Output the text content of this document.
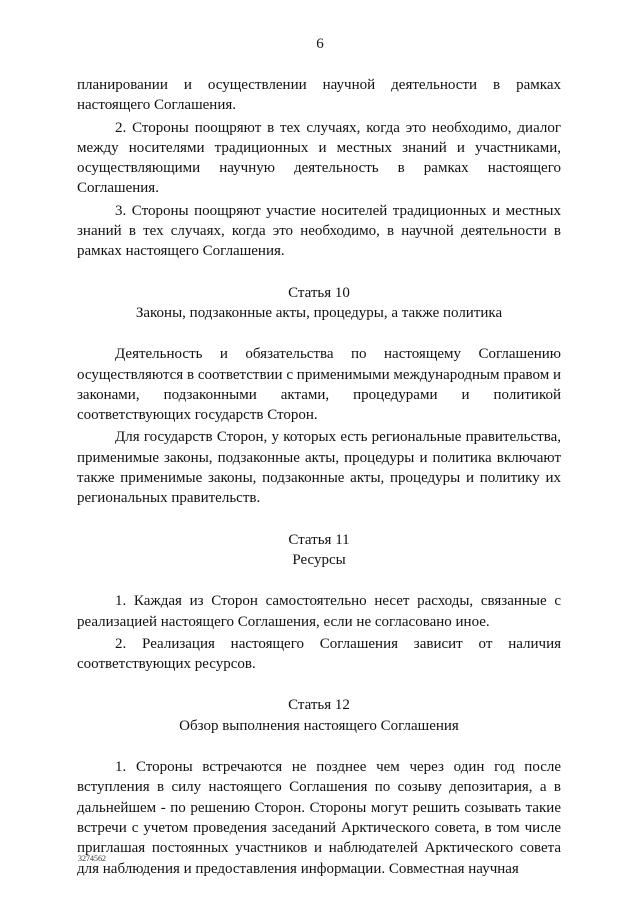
6

планировании и осуществлении научной деятельности в рамках настоящего Соглашения.

2. Стороны поощряют в тех случаях, когда это необходимо, диалог между носителями традиционных и местных знаний и участниками, осуществляющими научную деятельность в рамках настоящего Соглашения.

3. Стороны поощряют участие носителей традиционных и местных знаний в тех случаях, когда это необходимо, в научной деятельности в рамках настоящего Соглашения.

Статья 10
Законы, подзаконные акты, процедуры, а также политика

Деятельность и обязательства по настоящему Соглашению осуществляются в соответствии с применимыми международным правом и законами, подзаконными актами, процедурами и политикой соответствующих государств Сторон.

Для государств Сторон, у которых есть региональные правительства, применимые законы, подзаконные акты, процедуры и политика включают также применимые законы, подзаконные акты, процедуры и политику их региональных правительств.

Статья 11
Ресурсы

1. Каждая из Сторон самостоятельно несет расходы, связанные с реализацией настоящего Соглашения, если не согласовано иное.

2. Реализация настоящего Соглашения зависит от наличия соответствующих ресурсов.

Статья 12
Обзор выполнения настоящего Соглашения

1. Стороны встречаются не позднее чем через один год после вступления в силу настоящего Соглашения по созыву депозитария, а в дальнейшем - по решению Сторон. Стороны могут решить созывать такие встречи с учетом проведения заседаний Арктического совета, в том числе приглашая постоянных участников и наблюдателей Арктического совета для наблюдения и предоставления информации. Совместная научная

3274562
